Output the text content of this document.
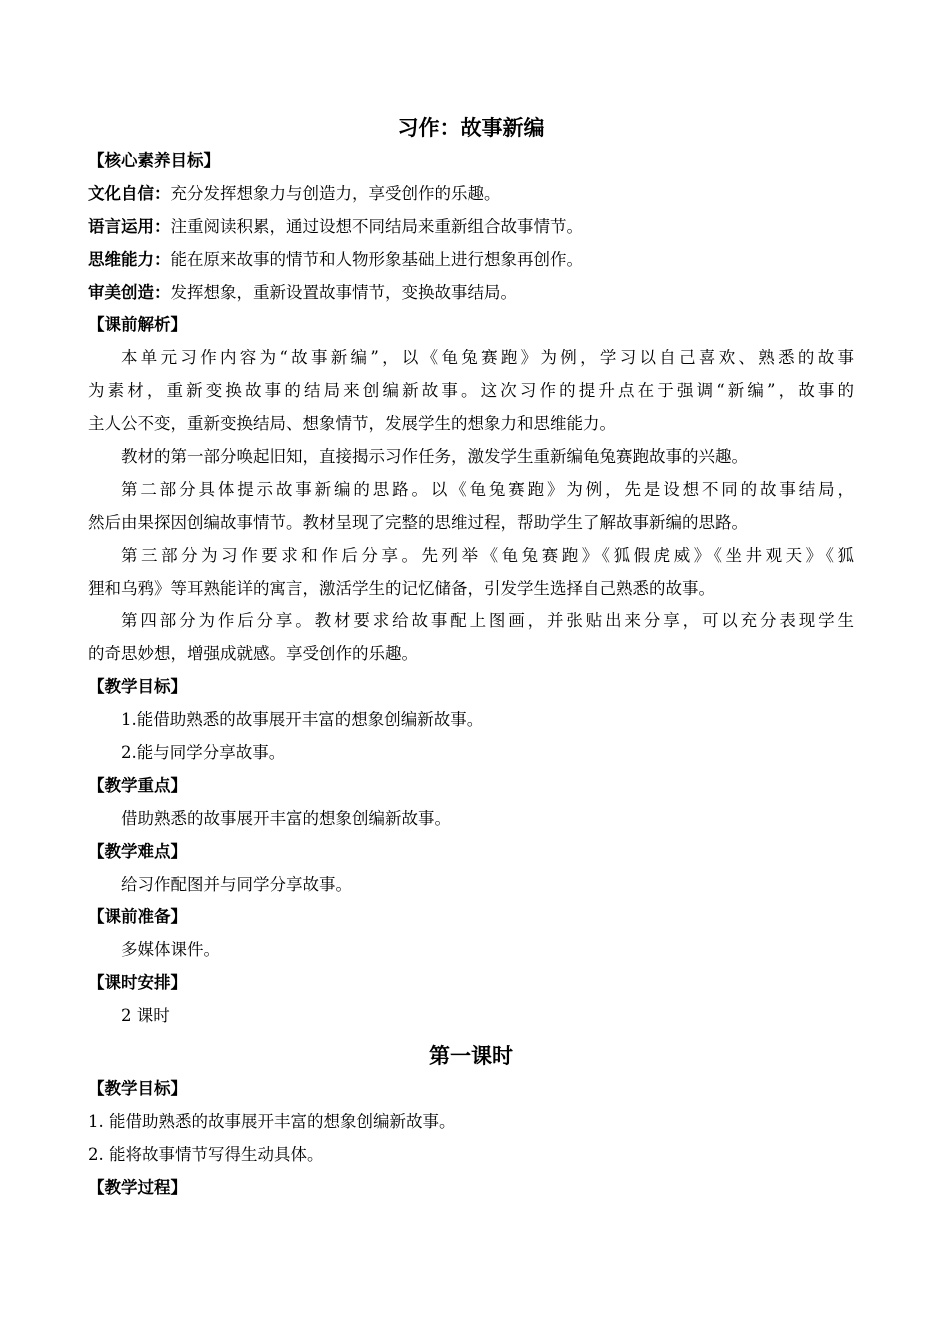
习作：故事新编
【核心素养目标】
文化自信：充分发挥想象力与创造力，享受创作的乐趣。
语言运用：注重阅读积累，通过设想不同结局来重新组合故事情节。
思维能力：能在原来故事的情节和人物形象基础上进行想象再创作。
审美创造：发挥想象，重新设置故事情节，变换故事结局。
【课前解析】
本单元习作内容为“故事新编”，以《龟兔赛跑》为例，学习以自己喜欢、熟悉的故事
为素材，重新变换故事的结局来创编新故事。这次习作的提升点在于强调“新编”，故事的
主人公不变，重新变换结局、想象情节，发展学生的想象力和思维能力。
教材的第一部分唤起旧知，直接揭示习作任务，激发学生重新编龟兔赛跑故事的兴趣。
第二部分具体提示故事新编的思路。以《龟兔赛跑》为例，先是设想不同的故事结局，
然后由果探因创编故事情节。教材呈现了完整的思维过程，帮助学生了解故事新编的思路。
第三部分为习作要求和作后分享。先列举《龟兔赛跑》《狐假虎威》《坐井观天》《狐
狸和乌鸦》等耳熟能详的寓言，激活学生的记忆储备，引发学生选择自己熟悉的故事。
第四部分为作后分享。教材要求给故事配上图画，并张贴出来分享，可以充分表现学生
的奇思妙想，增强成就感。享受创作的乐趣。
【教学目标】
1.能借助熟悉的故事展开丰富的想象创编新故事。
2.能与同学分享故事。
【教学重点】
借助熟悉的故事展开丰富的想象创编新故事。
【教学难点】
给习作配图并与同学分享故事。
【课前准备】
多媒体课件。
【课时安排】
2 课时
第一课时
【教学目标】
1. 能借助熟悉的故事展开丰富的想象创编新故事。
2. 能将故事情节写得生动具体。
【教学过程】
